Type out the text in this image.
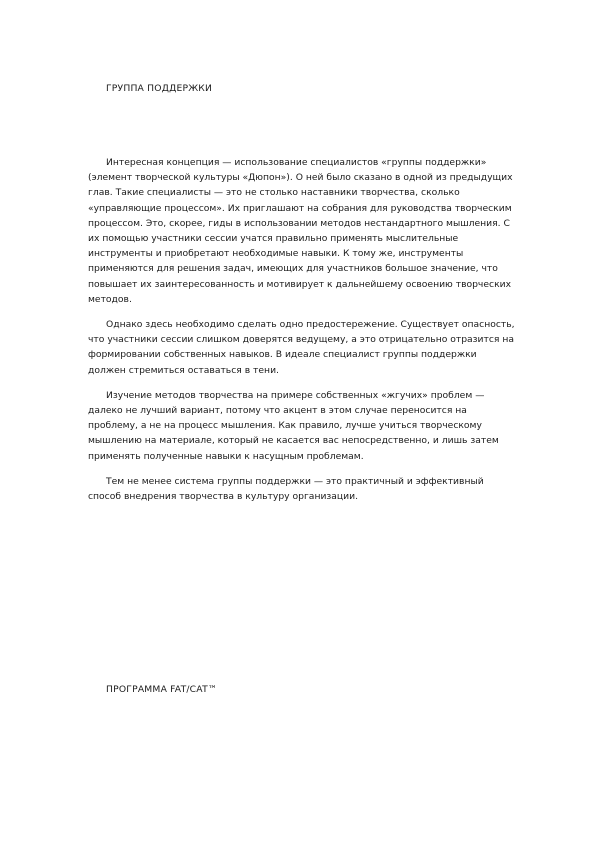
ГРУППА ПОДДЕРЖКИ

Интересная концепция — использование специалистов «группы поддержки» (элемент творческой культуры «Дюпон»). О ней было сказано в одной из предыдущих глав. Такие специалисты — это не столько наставники творчества, сколько «управляющие процессом». Их приглашают на собрания для руководства творческим процессом. Это, скорее, гиды в использовании методов нестандартного мышления. С их помощью участники сессии учатся правильно применять мыслительные инструменты и приобретают необходимые навыки. К тому же, инструменты применяются для решения задач, имеющих для участников большое значение, что повышает их заинтересованность и мотивирует к дальнейшему освоению творческих методов.

Однако здесь необходимо сделать одно предостережение. Существует опасность, что участники сессии слишком доверятся ведущему, а это отрицательно отразится на формировании собственных навыков. В идеале специалист группы поддержки должен стремиться оставаться в тени.

Изучение методов творчества на примере собственных «жгучих» проблем — далеко не лучший вариант, потому что акцент в этом случае переносится на проблему, а не на процесс мышления. Как правило, лучше учиться творческому мышлению на материале, который не касается вас непосредственно, и лишь затем применять полученные навыки к насущным проблемам.

Тем не менее система группы поддержки — это практичный и эффективный способ внедрения творчества в культуру организации.

ПРОГРАММА FAT/CAT™
